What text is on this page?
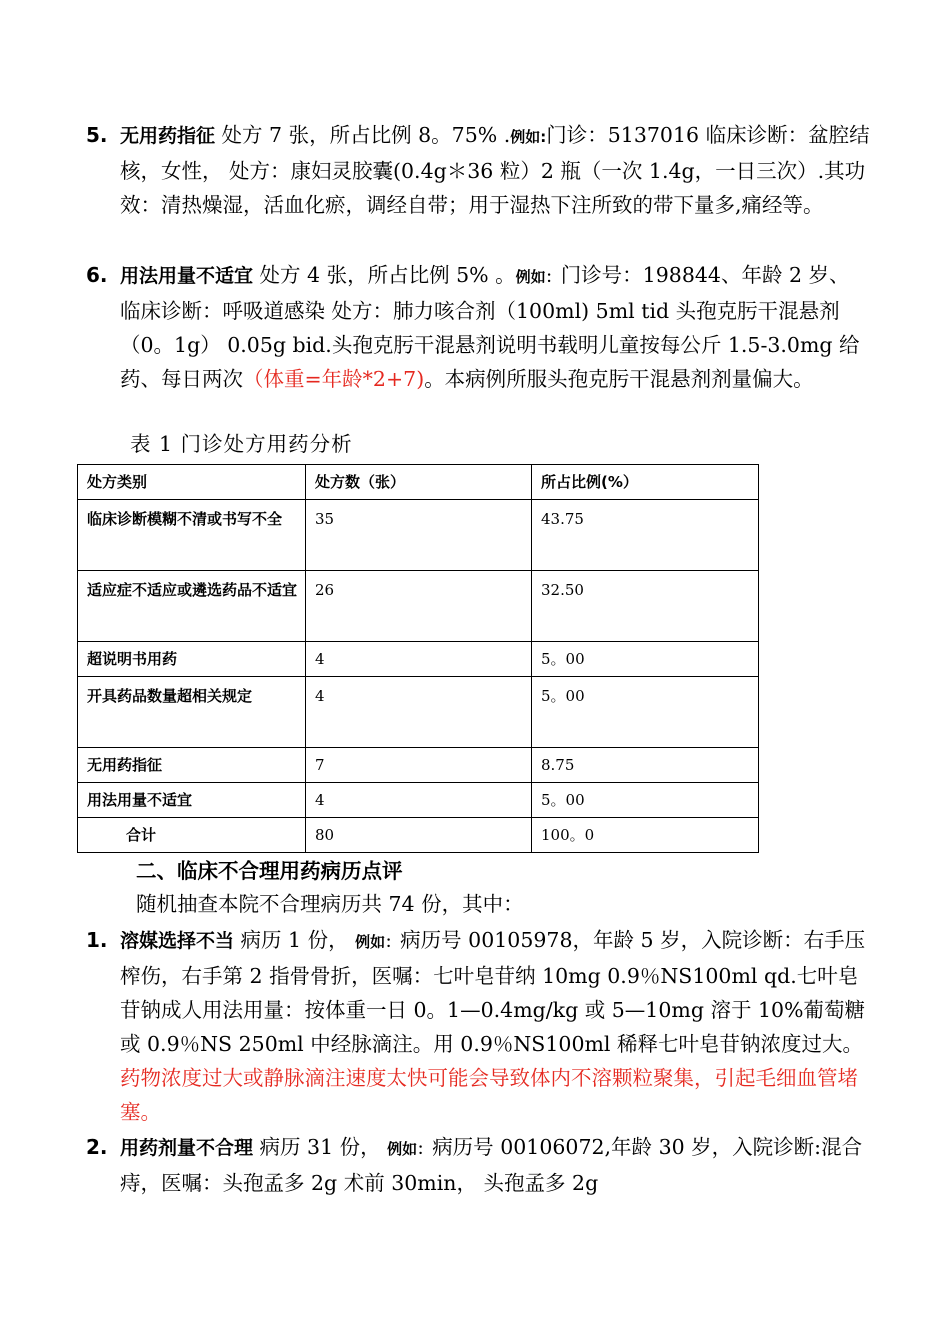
5. 无用药指征 处方 7 张，所占比例 8。75% .例如:门诊：5137016 临床诊断：盆腔结核，女性， 处方：康妇灵胶囊(0.4g＊36 粒）2 瓶（一次 1.4g，一日三次）.其功效：清热燥湿，活血化瘀，调经自带；用于湿热下注所致的带下量多,痛经等。
6. 用法用量不适宜 处方 4 张，所占比例 5% 。例如：门诊号：198844、年龄 2 岁、 临床诊断：呼吸道感染 处方：肺力咳合剂（100ml) 5ml tid 头孢克肟干混悬剂（0。1g） 0.05g bid.头孢克肟干混悬剂说明书载明儿童按每公斤 1.5-3.0mg 给药、每日两次（体重=年龄*2+7)。本病例所服头孢克肟干混悬剂剂量偏大。
表 1 门诊处方用药分析
处方类别	处方数（张）	所占比例(%）
临床诊断模糊不清或书写不全	35	43.75
适应症不适应或遴选药品不适宜	26	32.50
超说明书用药	4	5。00
开具药品数量超相关规定	4	5。00
无用药指征	7	8.75
用法用量不适宜	4	5。00
合计	80	100。0
二、临床不合理用药病历点评
随机抽查本院不合理病历共 74 份，其中：
1. 溶媒选择不当 病历 1 份， 例如：病历号 00105978，年龄 5 岁，入院诊断：右手压榨伤，右手第 2 指骨骨折，医嘱：七叶皂苷纳 10mg 0.9％NS100ml qd.七叶皂苷钠成人用法用量：按体重一日 0。1—0.4mg/kg 或 5—10mg 溶于 10%葡萄糖或 0.9％NS 250ml 中经脉滴注。用 0.9％NS100ml 稀释七叶皂苷钠浓度过大。药物浓度过大或静脉滴注速度太快可能会导致体内不溶颗粒聚集，引起毛细血管堵塞。
2. 用药剂量不合理 病历 31 份， 例如：病历号 00106072,年龄 30 岁，入院诊断:混合痔，医嘱：头孢孟多 2g 术前 30min， 头孢孟多 2g
